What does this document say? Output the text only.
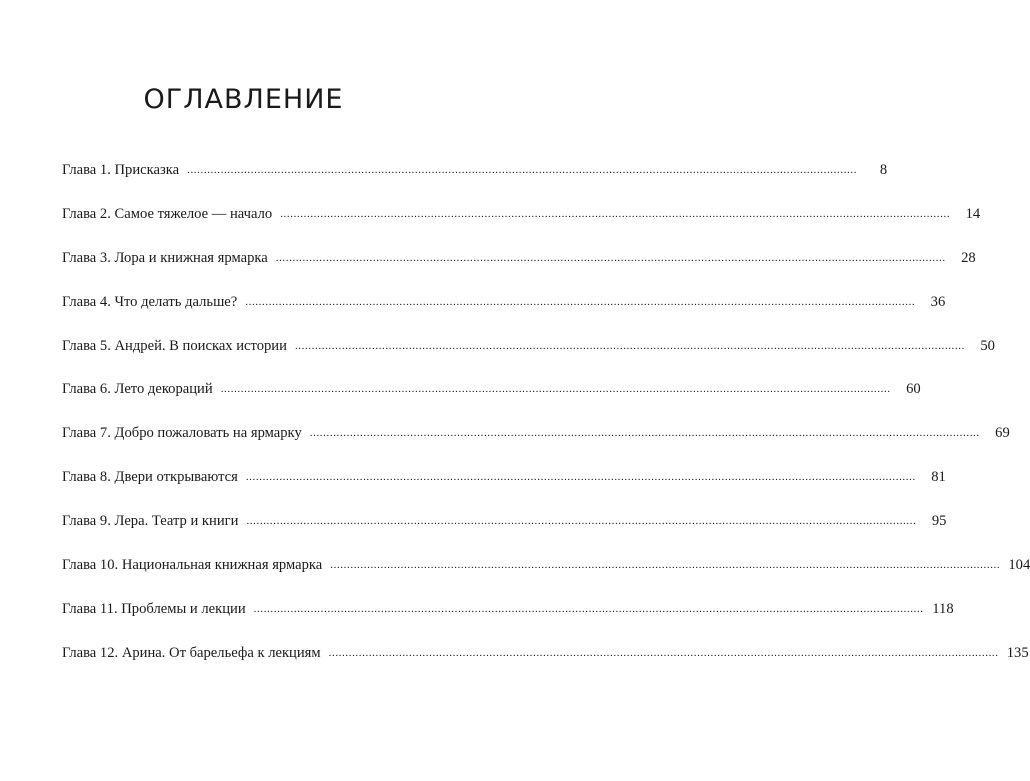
ОГЛАВЛЕНИЕ
Глава 1. Присказка ........................................................................................................................................................................................................	8
Глава 2. Самое тяжелое — начало ........................................................................................................................................................................................................	14
Глава 3. Лора и книжная ярмарка ........................................................................................................................................................................................................	28
Глава 4. Что делать дальше? ........................................................................................................................................................................................................	36
Глава 5. Андрей. В поисках истории ........................................................................................................................................................................................................	50
Глава 6. Лето декораций ........................................................................................................................................................................................................	60
Глава 7. Добро пожаловать на ярмарку ........................................................................................................................................................................................................	69
Глава 8. Двери открываются ........................................................................................................................................................................................................	81
Глава 9. Лера. Театр и книги ........................................................................................................................................................................................................	95
Глава 10. Национальная книжная ярмарка ........................................................................................................................................................................................................ 104
Глава 11. Проблемы и лекции ........................................................................................................................................................................................................ 118
Глава 12. Арина. От барельефа к лекциям ........................................................................................................................................................................................................ 135
